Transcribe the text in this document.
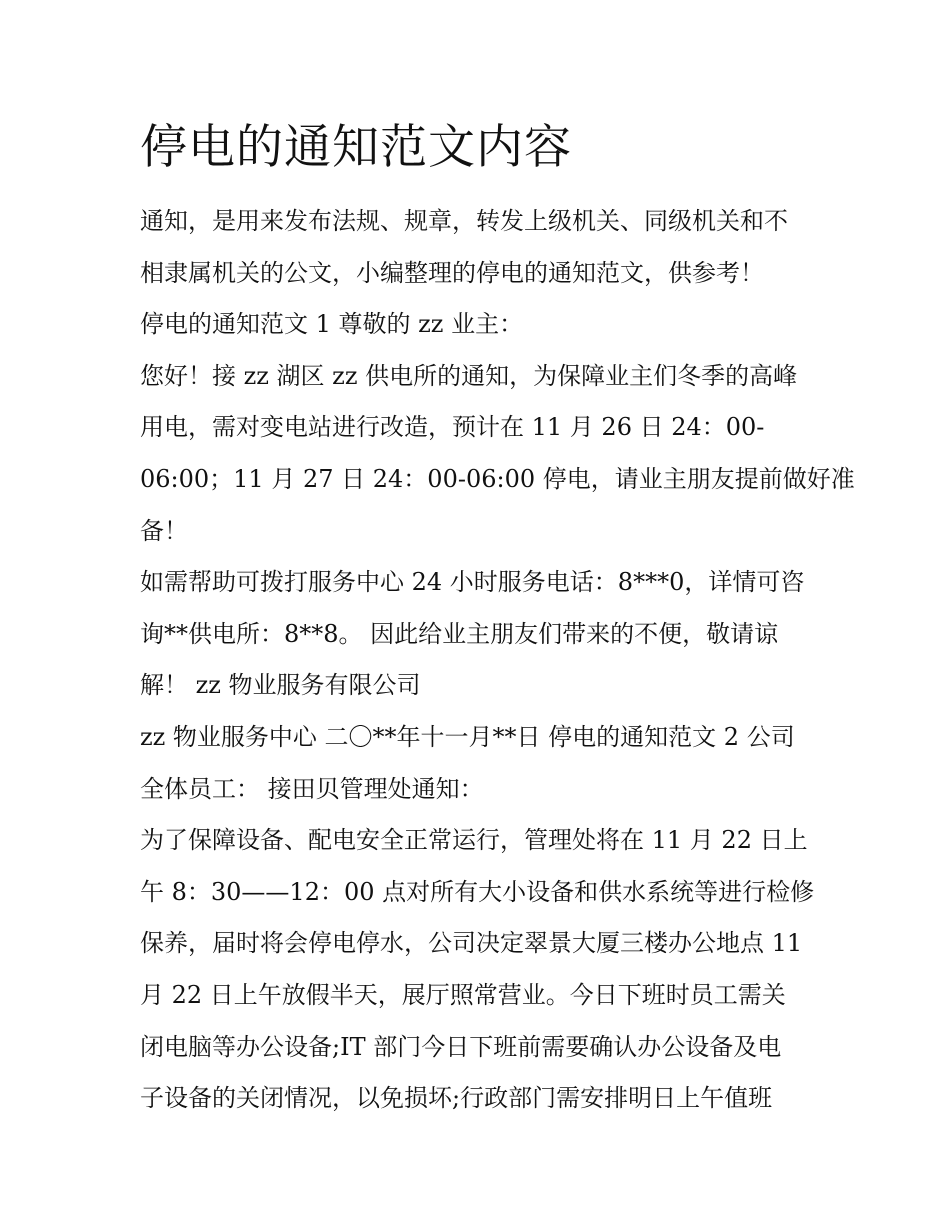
停电的通知范文内容
通知，是用来发布法规、规章，转发上级机关、同级机关和不
相隶属机关的公文，小编整理的停电的通知范文，供参考！
停电的通知范文 1 尊敬的 zz 业主：
您好！接 zz 湖区 zz 供电所的通知，为保障业主们冬季的高峰
用电，需对变电站进行改造，预计在 11 月 26 日 24：00-
06:00；11 月 27 日 24：00-06:00 停电，请业主朋友提前做好准
备！
如需帮助可拨打服务中心 24 小时服务电话：8***0，详情可咨
询**供电所：8**8。 因此给业主朋友们带来的不便，敬请谅
解！ zz 物业服务有限公司
zz 物业服务中心 二〇**年十一月**日 停电的通知范文 2 公司
全体员工： 接田贝管理处通知：
为了保障设备、配电安全正常运行，管理处将在 11 月 22 日上
午 8：30——12：00 点对所有大小设备和供水系统等进行检修
保养，届时将会停电停水，公司决定翠景大厦三楼办公地点 11
月 22 日上午放假半天，展厅照常营业。今日下班时员工需关
闭电脑等办公设备;IT 部门今日下班前需要确认办公设备及电
子设备的关闭情况，以免损坏;行政部门需安排明日上午值班
